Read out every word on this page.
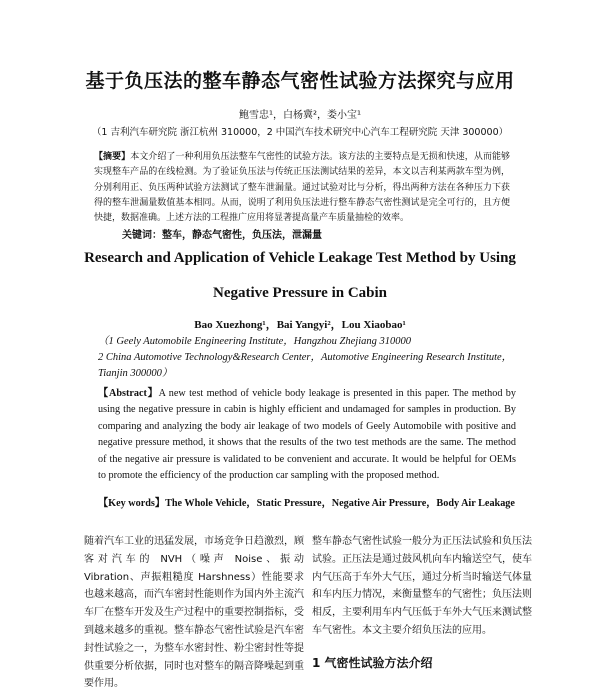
基于负压法的整车静态气密性试验方法探究与应用
鲍雪忠¹，白杨冀²，娄小宝¹
（1 吉利汽车研究院 浙江杭州 310000，2 中国汽车技术研究中心汽车工程研究院 天津 300000）
【摘要】本文介绍了一种利用负压法整车气密性的试验方法。该方法的主要特点是无损和快速，从而能够实现整车产品的在线检测。为了验证负压法与传统正压法测试结果的差异，本文以吉利某两款车型为例，分别利用正、负压两种试验方法测试了整车泄漏量。通过试验对比与分析，得出两种方法在各种压力下获得的整车泄漏量数值基本相同。从而，说明了利用负压法进行整车静态气密性测试是完全可行的，且方便快捷，数据准确。上述方法的工程推广应用将显著提高量产车质量抽检的效率。
关键词：整车，静态气密性，负压法，泄漏量
Research and Application of Vehicle Leakage Test Method by Using
Negative Pressure in Cabin
Bao Xuezhong¹，Bai Yangyi²，Lou Xiaobao¹
（1 Geely Automobile Engineering Institute，Hangzhou Zhejiang 310000
2 China Automotive Technology&Research Center，Automotive Engineering Research Institute，
Tianjin 300000）
【Abstract】A new test method of vehicle body leakage is presented in this paper. The method by using the negative pressure in cabin is highly efficient and undamaged for samples in production. By comparing and analyzing the body air leakage of two models of Geely Automobile with positive and negative pressure method, it shows that the results of the two test methods are the same. The method of the negative air pressure is validated to be convenient and accurate. It would be helpful for OEMs to promote the efficiency of the production car sampling with the proposed method.
【Key words】The Whole Vehicle，Static Pressure，Negative Air Pressure，Body Air Leakage
随着汽车工业的迅猛发展，市场竞争日趋激烈，顾客对汽车的 NVH（噪声 Noise、振动 Vibration、声振粗糙度 Harshness）性能要求也越来越高，而汽车密封性能则作为国内外主流汽车厂在整车开发及生产过程中的重要控制指标，受到越来越多的重视。整车静态气密性试验是汽车密封性试验之一，为整车水密封性、粉尘密封性等提供重要分析依据，同时也对整车的隔音降噪起到重要作用。
整车静态气密性试验一般分为正压法试验和负压法试验。正压法是通过鼓风机向车内输送空气，使车内气压高于车外大气压，通过分析当时输送气体量和车内压力情况，来衡量整车的气密性；负压法则相反，主要利用车内气压低于车外大气压来测试整车气密性。本文主要介绍负压法的应用。
1 气密性试验方法介绍
